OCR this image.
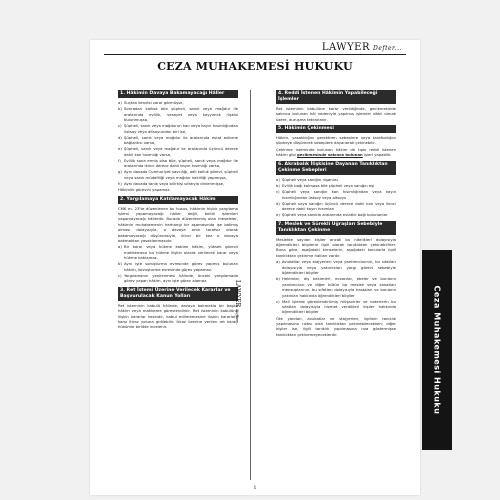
LAWYER Defter...
CEZA MUHAKEMESİ HUKUKU
1. Hâkimin Davaya Bakamayacağı Hâller
a) Suçtan kendisi zarar görmüşse,
b) Sonradan kalksa bile şüpheli, sanık veya mağdur ile aralarında evlilik, vesayet veya kayyımlık ilişkisi bulunmuşsa,
c) Şüpheli, sanık veya mağdurun kan veya kayın hısımlığından üstsoy veya altsoyundan biri ise,
d) Şüpheli, sanık veya mağdur ile aralarında evlat edinme bağlantısı varsa,
e) Şüpheli, sanık veya mağdur ile aralarında üçüncü derece dahil kan hısımlığı varsa,
f) Evlilik sona ermiş olsa bile, şüpheli, sanık veya mağdur ile aralarında ikinci derece dahil kayın hısımlığı varsa,
g) Aynı davada Cumhuriyet savcılığı, adli kolluk görevi, şüpheli veya sanık müdafiliği veya mağdur vekilliği yapmışsa,
h) Aynı davada tanık veya bilirkişi sıfatıyla dinlenmişse,

Hâkimlik görevini yapamaz.

2. Yargılamaya Katılamayacak Hâkim

CMK m. 23'te düzenlenen bu husus, hâkimin hiçbir yargılama işlemi yapamayacağı hâller değil, belirli işlemleri yapamayacağı hâllerdir. Burada düzenlenmiş olan meseleler, hâkimin muhakemenin herhangi bir aşamasında işe bakmış olması dolayısıyla, o davaya artık tarafsız olarak bakamayacağı düşüncesiyle, ikinci bir kez o davaya bakmaktan yasaklanmasıdır.

a) Bir karar veya hükme katılan hâkim, yüksek görevli mahkemece bu hükme ilişkin olarak verilecek karar veya hükme katılamaz.
b) Aynı işte soruşturma evresinde görev yapmış bulunan hâkim, kovuşturma evresinde görev yapamaz.
c) Yargılamanın yenilenmesi hâlinde, önceki yargılamada görev yapan hâkim, aynı işte görev alamaz.
3. Ret İstemi Üzerine Verilecek Kararlar ve Başvurulacak Kanun Yolları

Ret isteminin kabulü hâlinde, davaya bakmakla bir başka hâkim veya mahkeme görevlendirilir. Ret isteminin kabulüne ilişkin kararlar kesindir, kabul edilmemesine ilişkin kararlara karşı itiraz yoluna gidilebilir. İtiraz üzerine verilen ret kararı hükümle birlikte incelenir.

LAWYERDefter...
4. Reddi İstenen Hâkimin Yapabileceği İşlemler

Ret isteminin kabulüne karar verildiğinde, gecikmesinde sakınca bulunan hâl nedeniyle yapılmış işlemler dâhil olmak üzere, duruşma tekrarlanır.

5. Hâkimin Çekinmesi

Hâkim, yasaklılığını gerektiren sebeplere veya tarafsızlığını şüpheye düşürecek sebeplere dayanarak çekinebilir.

Çekinme isteminde bulunan hâkim de tıpkı reddi istenen hâkim gibi gecikmesinde sakınca bulunan işleri yapabilir.

6. Akrabalık İlişkisine Dayanan Tanıklıktan Çekinme Sebepleri
a) Şüpheli veya sanığın nişanlısı
b) Evlilik bağı kalmasa bile şüpheli veya sanığın eşi
c) Şüpheli veya sanığın kan hısımlığından veya kayın hısımlığından üstsoy veya altsoyu
d) Şüpheli veya sanığın üçüncü derece dahil kan veya ikinci derece dahil kayın hısımları
e) Şüpheli veya sanıkla aralarında evlatlık bağı bulunanlar
7. Meslek ve Sürekli Uğraşları Sebebiyle Tanıklıktan Çekinme

Meslekte sayılan kişiler ancak bu nitelikleri dolayısıyla öğrendikleri bilgilerle ilgili olarak tanıklıktan çekinebilirler. Buna göre, aşağıdaki kimselerin, aşağıdaki konularla ilgili tanıklıktan çekinme hakları vardır.

a) Avukatlar veya stajyerleri veya yardımcılarının, bu sıfatları dolayısıyla veya yakınlıkları yargı görevi sebebiyle öğrendikleri bilgiler
b) Hekimler, diş hekimleri, eczacılar, ebeler ve bunların yardımcıları ve diğer bütün tıp meslek veya sanatları mensuplarının, bu sıfatları dolayısıyla hastaları ve bunların yakınları hakkında öğrendikleri bilgiler
c) Mali işlerde görevlendirilmiş müşavirler ve noterlerin bu sıfatları dolayısıyla hizmet verdikleri kişiler hakkında öğrendikleri bilgiler

Öte yandan, avukatlar ve stajyerleri, ilgilinin tanıklık yapılmasına rızası olsa tanıklıktan çekinebilecekken; diğer kişiler ise, ilgili tanıklık yapılmasına rıza göstermişse tanıklıktan çekinemeyeceklerdir.

1
Ceza Muhakemesi Hukuku
